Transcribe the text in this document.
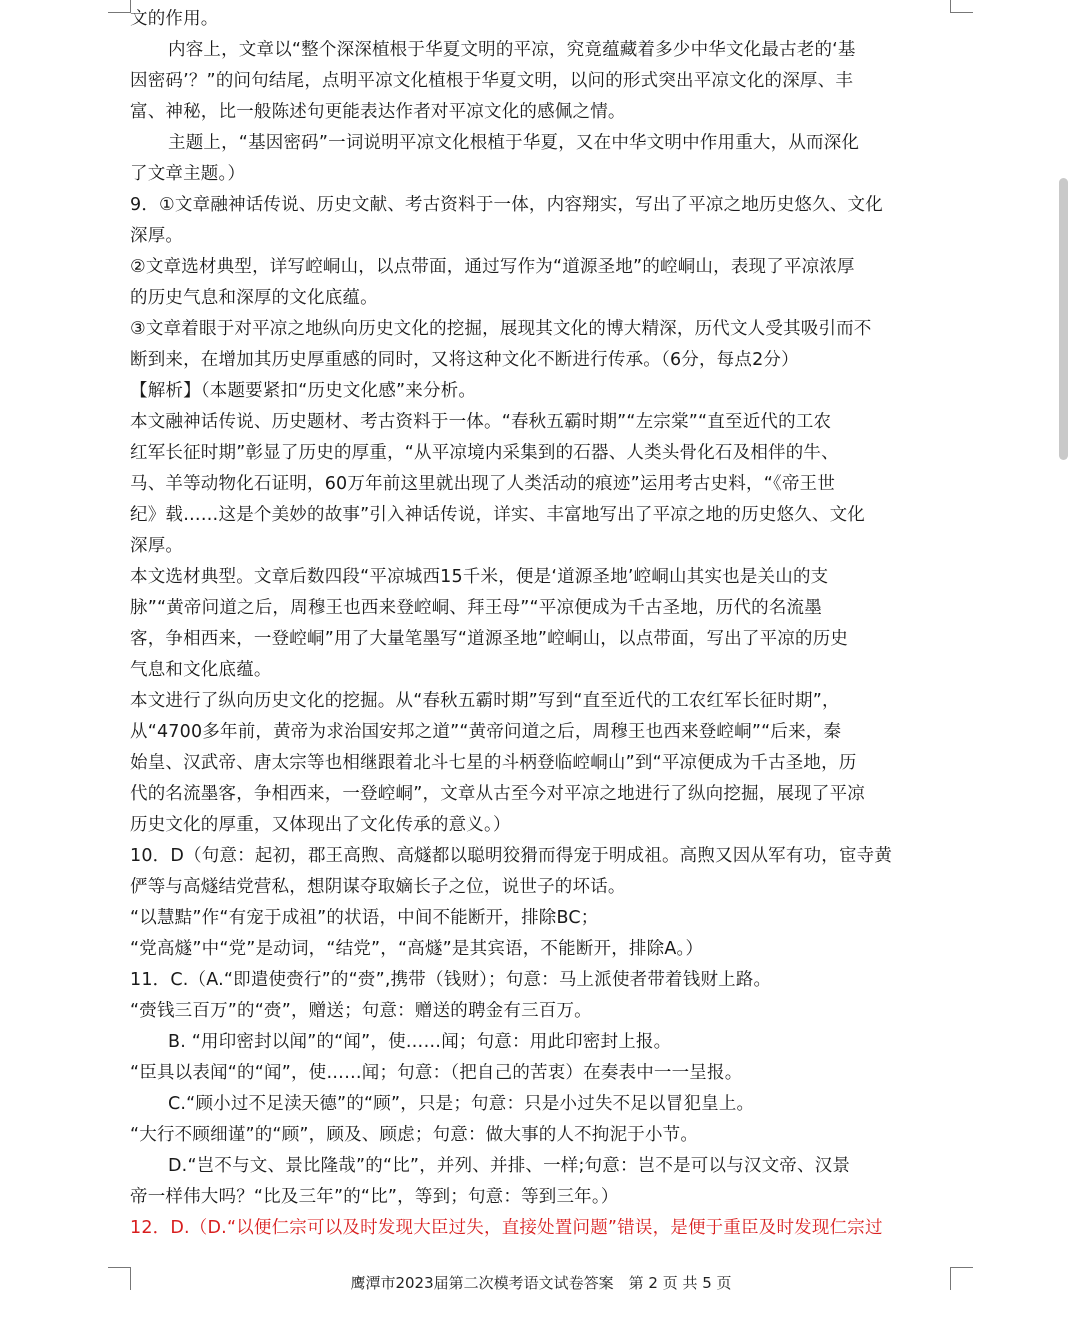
文的作用。
内容上，文章以“整个深深植根于华夏文明的平凉，究竟蕴藏着多少中华文化最古老的‘基
因密码’？”的问句结尾，点明平凉文化植根于华夏文明，以问的形式突出平凉文化的深厚、丰
富、神秘，比一般陈述句更能表达作者对平凉文化的感佩之情。
主题上，“基因密码”一词说明平凉文化根植于华夏，又在中华文明中作用重大，从而深化
了文章主题。）
9．①文章融神话传说、历史文献、考古资料于一体，内容翔实，写出了平凉之地历史悠久、文化
深厚。
②文章选材典型，详写崆峒山，以点带面，通过写作为“道源圣地”的崆峒山，表现了平凉浓厚
的历史气息和深厚的文化底蕴。
③文章着眼于对平凉之地纵向历史文化的挖掘，展现其文化的博大精深，历代文人受其吸引而不
断到来，在增加其历史厚重感的同时，又将这种文化不断进行传承。（6分，每点2分）
【解析】（本题要紧扣“历史文化感”来分析。
本文融神话传说、历史题材、考古资料于一体。“春秋五霸时期”“左宗棠”“直至近代的工农
红军长征时期”彰显了历史的厚重，“从平凉境内采集到的石器、人类头骨化石及相伴的牛、
马、羊等动物化石证明，60万年前这里就出现了人类活动的痕迹”运用考古史料，“《帝王世
纪》载……这是个美妙的故事”引入神话传说，详实、丰富地写出了平凉之地的历史悠久、文化
深厚。
本文选材典型。文章后数四段“平凉城西15千米，便是‘道源圣地’崆峒山其实也是关山的支
脉”“黄帝问道之后，周穆王也西来登崆峒、拜王母”“平凉便成为千古圣地，历代的名流墨
客，争相西来，一登崆峒”用了大量笔墨写“道源圣地”崆峒山，以点带面，写出了平凉的历史
气息和文化底蕴。
本文进行了纵向历史文化的挖掘。从“春秋五霸时期”写到“直至近代的工农红军长征时期”，
从“4700多年前，黄帝为求治国安邦之道”“黄帝问道之后，周穆王也西来登崆峒”“后来，秦
始皇、汉武帝、唐太宗等也相继跟着北斗七星的斗柄登临崆峒山”到“平凉便成为千古圣地，历
代的名流墨客，争相西来，一登崆峒”，文章从古至今对平凉之地进行了纵向挖掘，展现了平凉
历史文化的厚重，又体现出了文化传承的意义。）
10．D（句意：起初，郡王高煦、高燧都以聪明狡猾而得宠于明成祖。高煦又因从军有功，宦寺黄
俨等与高燧结党营私，想阴谋夺取嫡长子之位，说世子的坏话。
“以慧黠”作“有宠于成祖”的状语，中间不能断开，排除BC；
“党高燧”中“党”是动词，“结党”，“高燧”是其宾语，不能断开，排除A。）
11．C.（A.“即遣使赍行”的“赍”,携带（钱财）；句意：马上派使者带着钱财上路。
“赍钱三百万”的“赍”，赠送；句意：赠送的聘金有三百万。
B. “用印密封以闻”的“闻”，使……闻；句意：用此印密封上报。
“臣具以表闻“的“闻”，使……闻；句意：（把自己的苦衷）在奏表中一一呈报。
C.“顾小过不足渎天德”的“顾”，只是；句意：只是小过失不足以冒犯皇上。
“大行不顾细谨”的“顾”，顾及、顾虑；句意：做大事的人不拘泥于小节。
D.“岂不与文、景比隆哉”的“比”，并列、并排、一样;句意：岂不是可以与汉文帝、汉景
帝一样伟大吗？“比及三年”的“比”，等到；句意：等到三年。）
12．D.（D.“以便仁宗可以及时发现大臣过失，直接处置问题”错误，是便于重臣及时发现仁宗过
鹰潭市2023届第二次模考语文试卷答案　第 2 页 共 5 页
